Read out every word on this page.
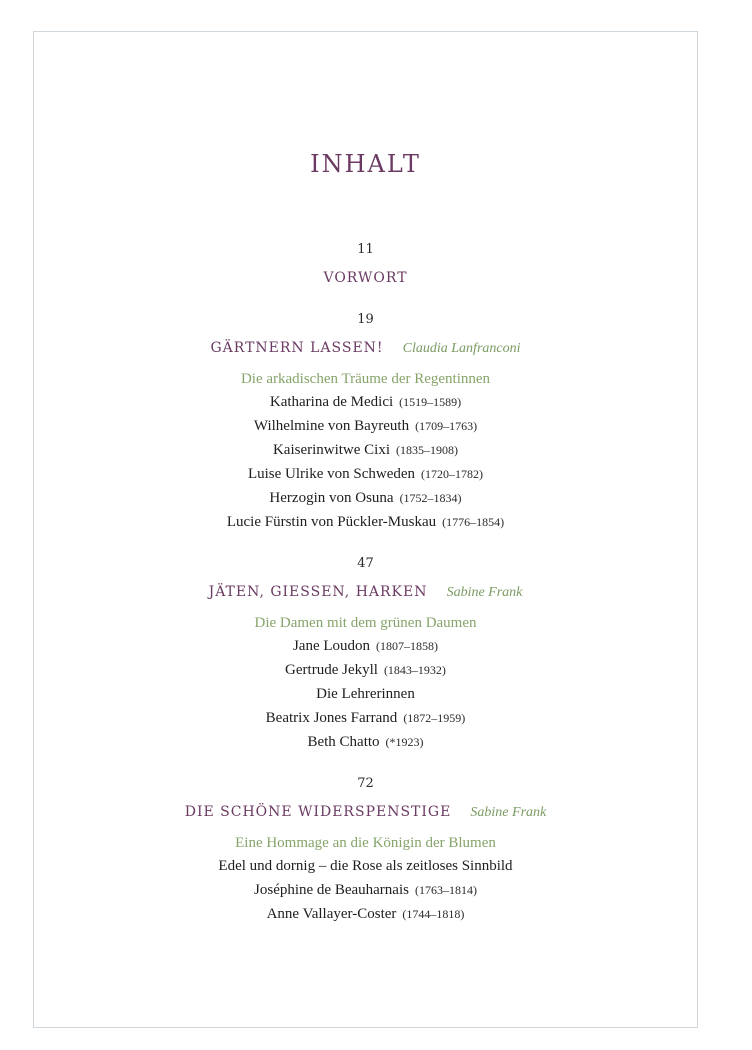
INHALT
11
VORWORT
19
GÄRTNERN LASSEN! Claudia Lanfranconi
Die arkadischen Träume der Regentinnen
Katharina de Medici (1519–1589)
Wilhelmine von Bayreuth (1709–1763)
Kaiserinwitwe Cixi (1835–1908)
Luise Ulrike von Schweden (1720–1782)
Herzogin von Osuna (1752–1834)
Lucie Fürstin von Pückler-Muskau (1776–1854)
47
JÄTEN, GIESSEN, HARKEN Sabine Frank
Die Damen mit dem grünen Daumen
Jane Loudon (1807–1858)
Gertrude Jekyll (1843–1932)
Die Lehrerinnen
Beatrix Jones Farrand (1872–1959)
Beth Chatto (*1923)
72
DIE SCHÖNE WIDERSPENSTIGE Sabine Frank
Eine Hommage an die Königin der Blumen
Edel und dornig – die Rose als zeitloses Sinnbild
Joséphine de Beauharnais (1763–1814)
Anne Vallayer-Coster (1744–1818)
